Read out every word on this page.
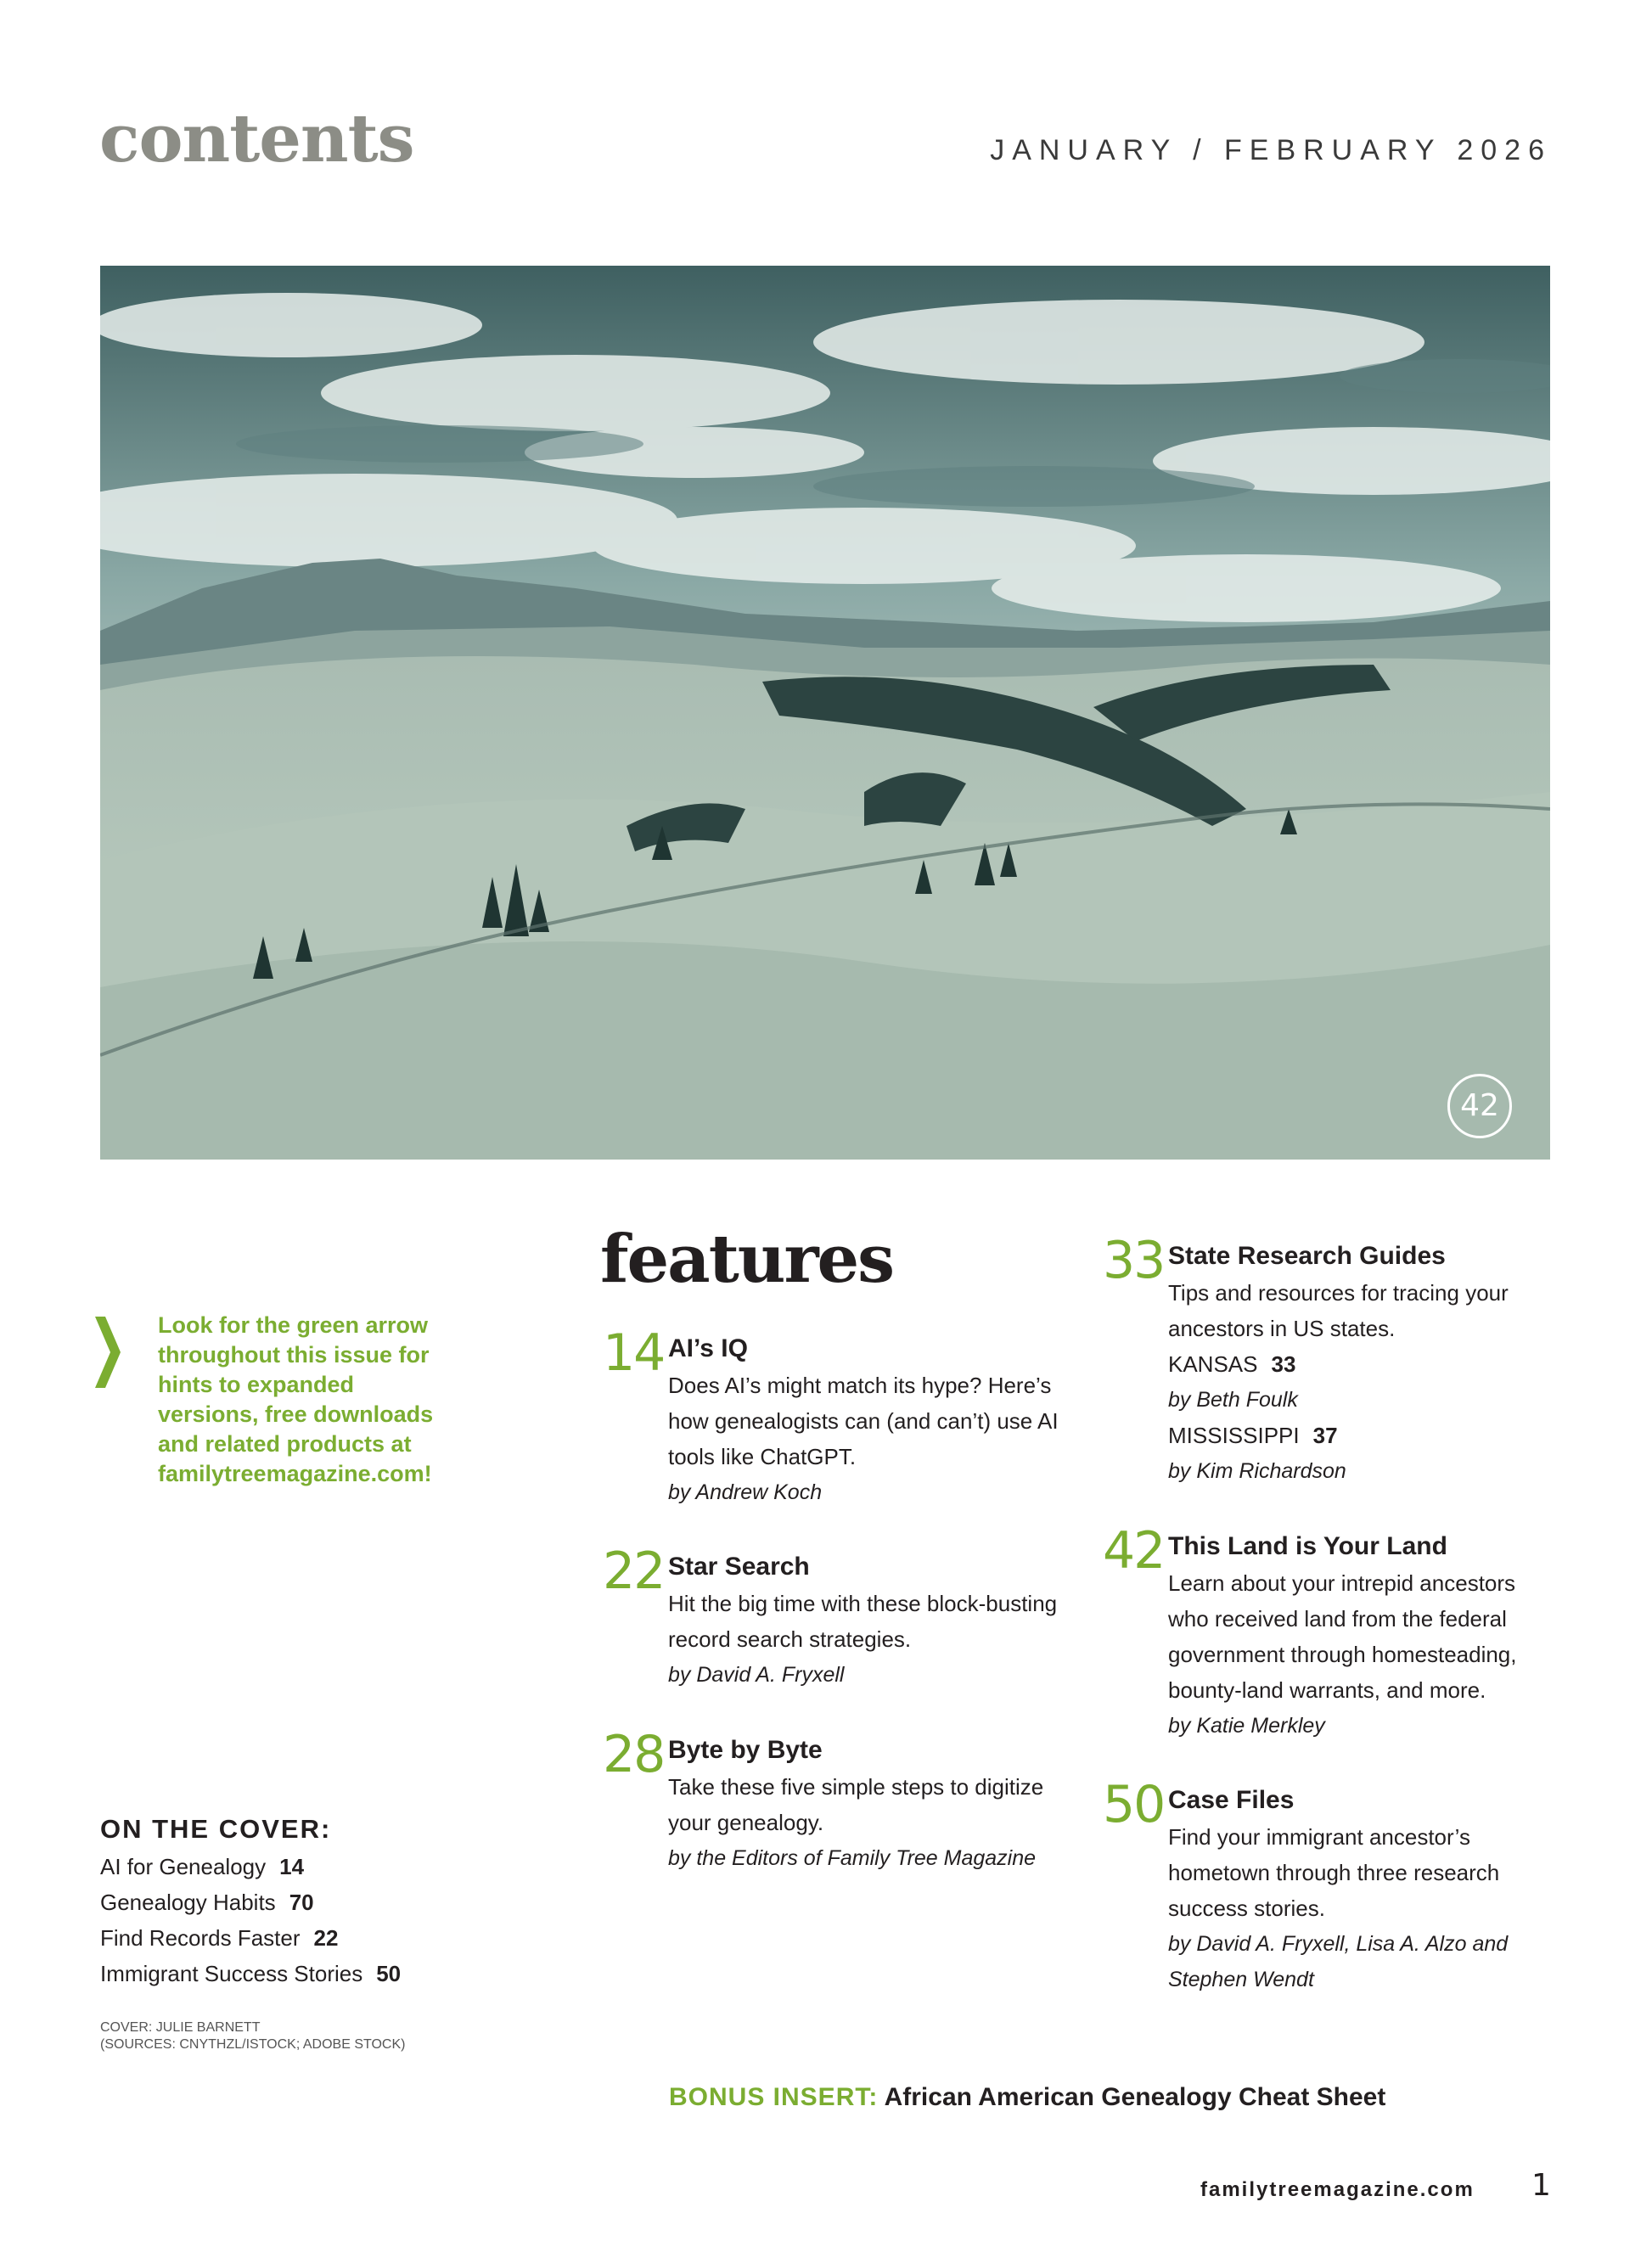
contents	JANUARY / FEBRUARY 2026
42
Look for the green arrow throughout this issue for hints to expanded versions, free downloads and related products at familytreemagazine.com!
features
14 AI’s IQ
Does AI’s might match its hype? Here’s how genealogists can (and can’t) use AI tools like ChatGPT.
by Andrew Koch
22 Star Search
Hit the big time with these block-busting record search strategies.
by David A. Fryxell
28 Byte by Byte
Take these five simple steps to digitize your genealogy.
by the Editors of Family Tree Magazine
33 State Research Guides
Tips and resources for tracing your ancestors in US states.
KANSAS 33
by Beth Foulk
MISSISSIPPI 37
by Kim Richardson
42 This Land is Your Land
Learn about your intrepid ancestors who received land from the federal government through homesteading, bounty-land warrants, and more.
by Katie Merkley
50 Case Files
Find your immigrant ancestor’s hometown through three research success stories.
by David A. Fryxell, Lisa A. Alzo and Stephen Wendt
ON THE COVER:
AI for Genealogy 14
Genealogy Habits 70
Find Records Faster 22
Immigrant Success Stories 50
COVER: JULIE BARNETT
(SOURCES: CNYTHZL/ISTOCK; ADOBE STOCK)
BONUS INSERT: African American Genealogy Cheat Sheet
familytreemagazine.com 1
